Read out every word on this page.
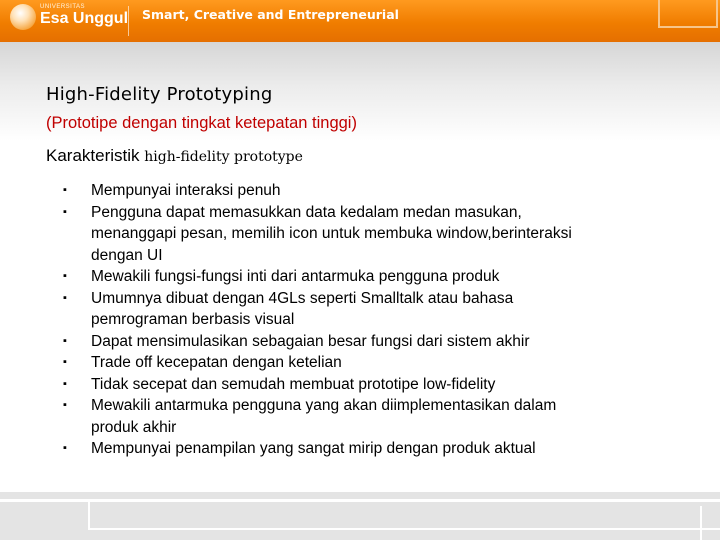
UNIVERSITAS
Esa Unggul Smart, Creative and Entrepreneurial
High-Fidelity Prototyping
(Prototipe dengan tingkat ketepatan tinggi)
Karakteristik high-fidelity prototype
▪ Mempunyai interaksi penuh
▪ Pengguna dapat memasukkan data kedalam medan masukan,
menanggapi pesan, memilih icon untuk membuka window,berinteraksi
dengan UI
▪ Mewakili fungsi-fungsi inti dari antarmuka pengguna produk
▪ Umumnya dibuat dengan 4GLs seperti Smalltalk atau bahasa
pemrograman berbasis visual
▪ Dapat mensimulasikan sebagaian besar fungsi dari sistem akhir
▪ Trade off kecepatan dengan ketelian
▪ Tidak secepat dan semudah membuat prototipe low-fidelity
▪ Mewakili antarmuka pengguna yang akan diimplementasikan dalam
produk akhir
▪ Mempunyai penampilan yang sangat mirip dengan produk aktual
